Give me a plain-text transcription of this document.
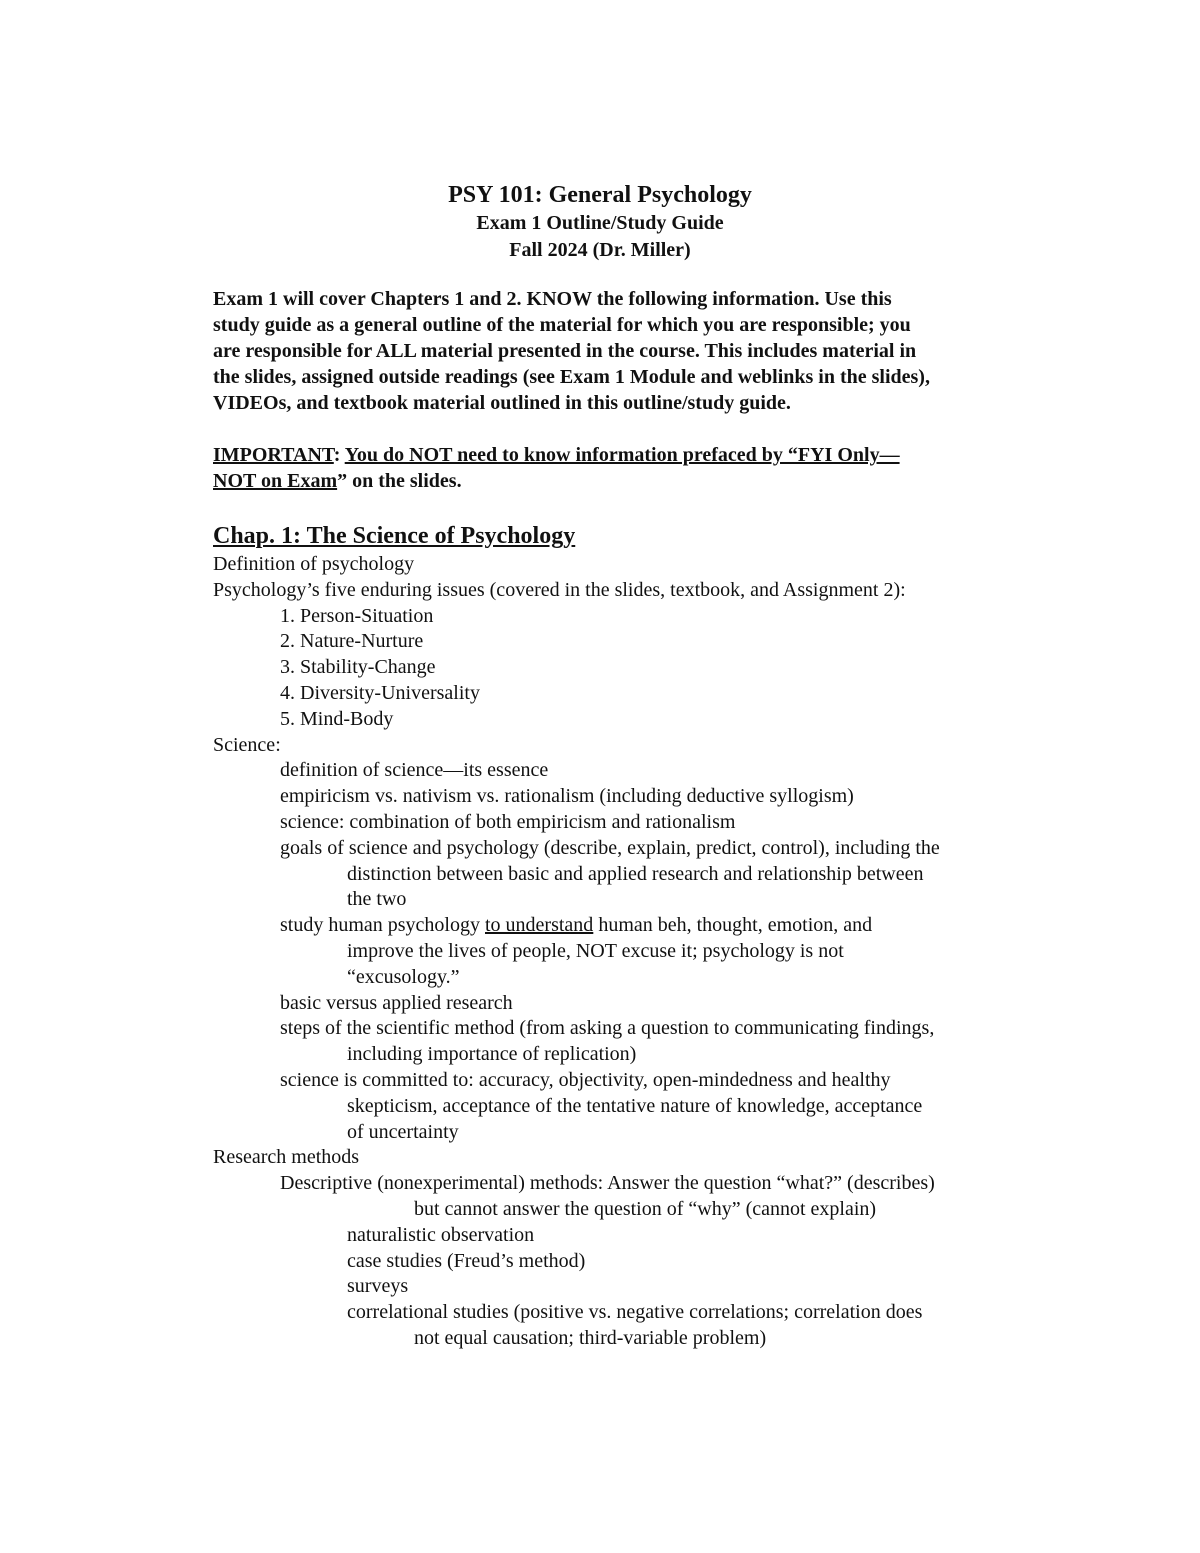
PSY 101: General Psychology
Exam 1 Outline/Study Guide
Fall 2024 (Dr. Miller)
Exam 1 will cover Chapters 1 and 2. KNOW the following information. Use this
study guide as a general outline of the material for which you are responsible; you
are responsible for ALL material presented in the course. This includes material in
the slides, assigned outside readings (see Exam 1 Module and weblinks in the slides),
VIDEOs, and textbook material outlined in this outline/study guide.
IMPORTANT: You do NOT need to know information prefaced by “FYI Only—
NOT on Exam” on the slides.
Chap. 1: The Science of Psychology
Definition of psychology
Psychology’s five enduring issues (covered in the slides, textbook, and Assignment 2):
1. Person-Situation
2. Nature-Nurture
3. Stability-Change
4. Diversity-Universality
5. Mind-Body
Science:
definition of science—its essence
empiricism vs. nativism vs. rationalism (including deductive syllogism)
science: combination of both empiricism and rationalism
goals of science and psychology (describe, explain, predict, control), including the
distinction between basic and applied research and relationship between
the two
study human psychology to understand human beh, thought, emotion, and
improve the lives of people, NOT excuse it; psychology is not
“excusology.”
basic versus applied research
steps of the scientific method (from asking a question to communicating findings,
including importance of replication)
science is committed to: accuracy, objectivity, open-mindedness and healthy
skepticism, acceptance of the tentative nature of knowledge, acceptance
of uncertainty
Research methods
Descriptive (nonexperimental) methods: Answer the question “what?” (describes)
but cannot answer the question of “why” (cannot explain)
naturalistic observation
case studies (Freud’s method)
surveys
correlational studies (positive vs. negative correlations; correlation does
not equal causation; third-variable problem)
